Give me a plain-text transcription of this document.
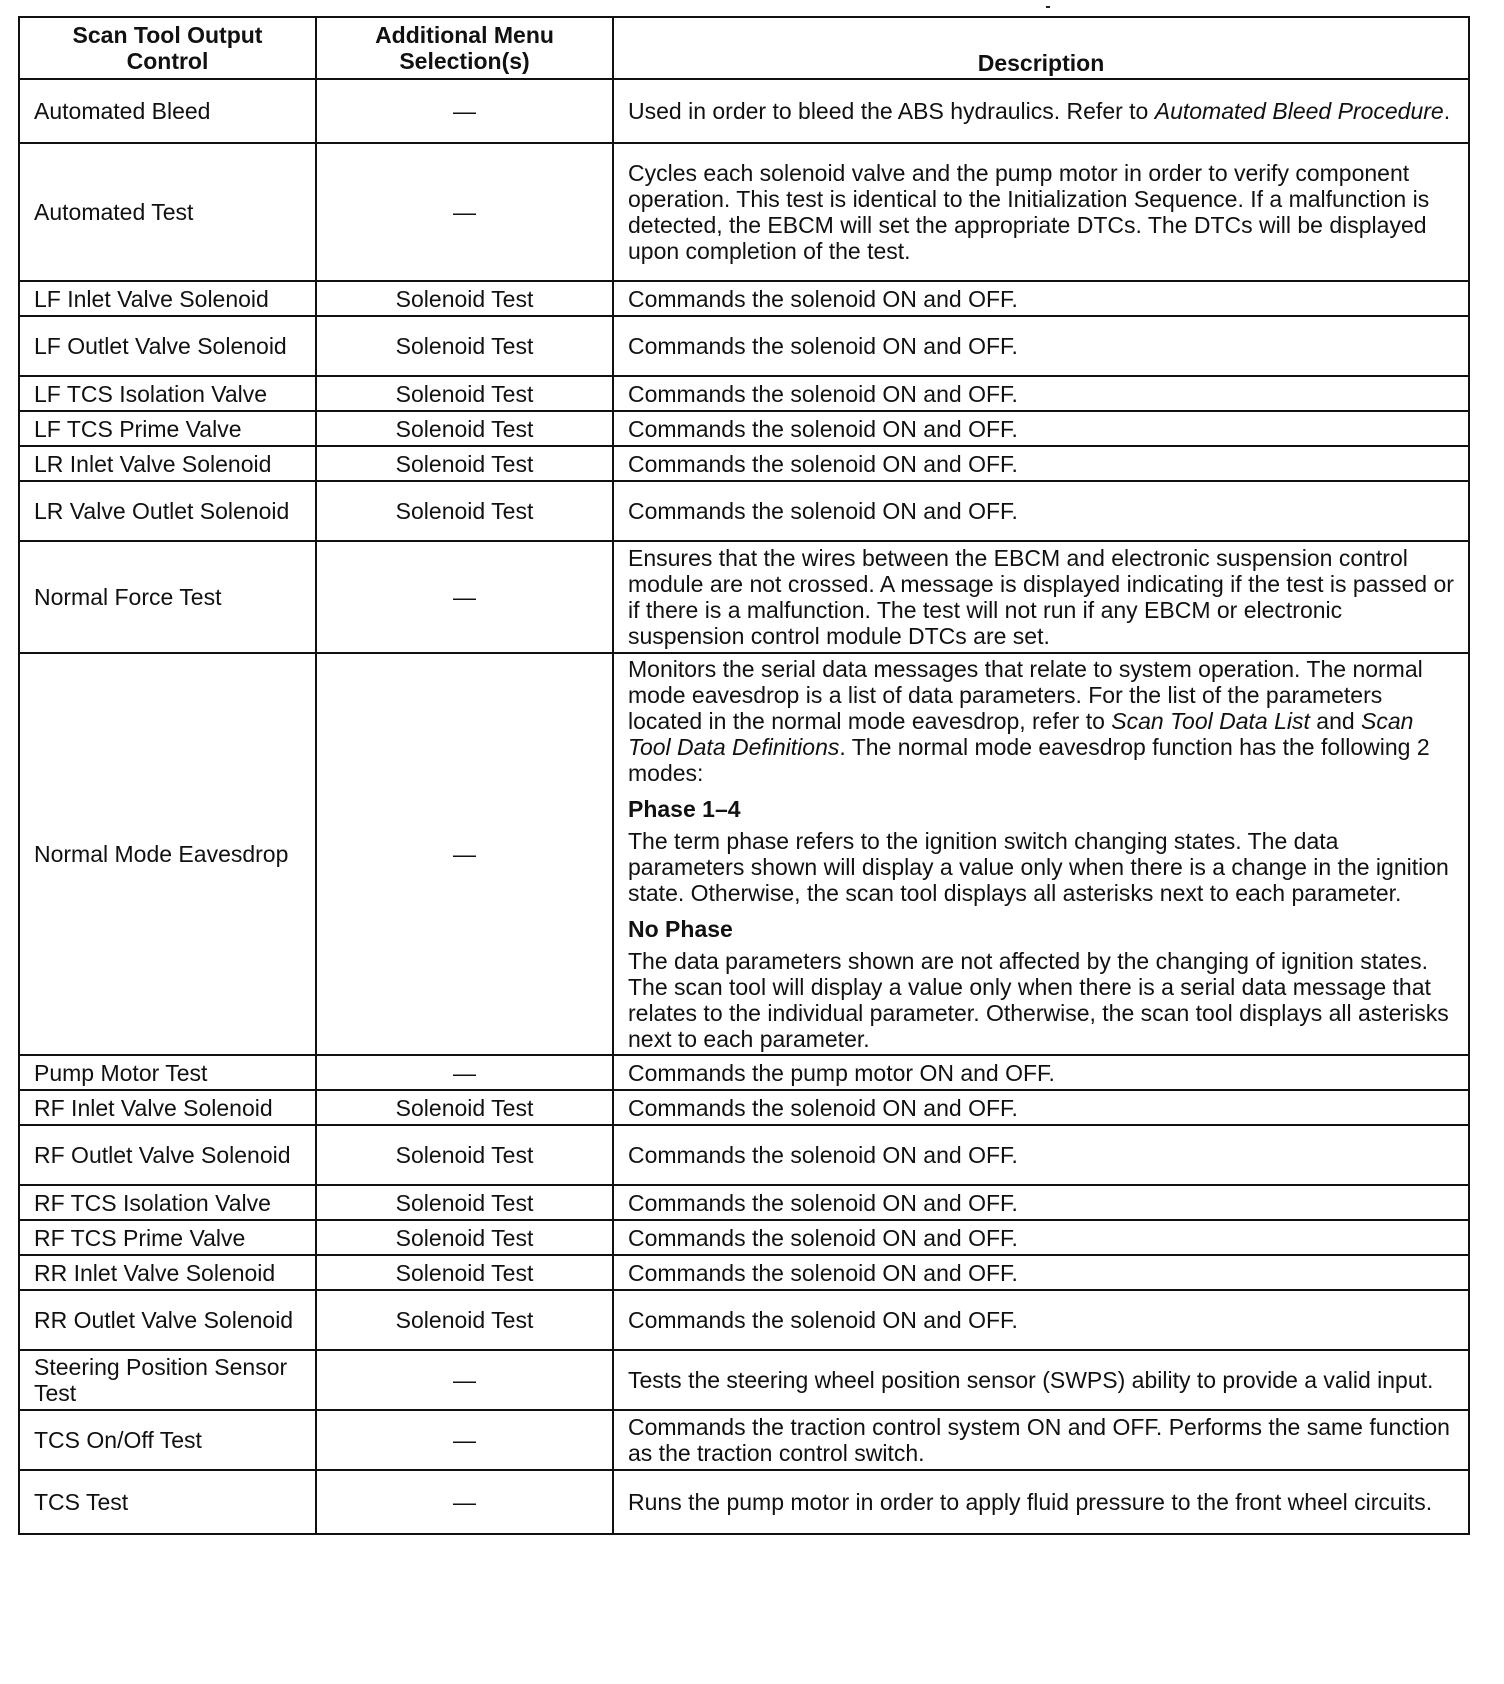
Scan Tool Output Control	Additional Menu Selection(s)	Description
Automated Bleed	—	Used in order to bleed the ABS hydraulics. Refer to Automated Bleed Procedure.
Automated Test	—	Cycles each solenoid valve and the pump motor in order to verify component operation. This test is identical to the Initialization Sequence. If a malfunction is detected, the EBCM will set the appropriate DTCs. The DTCs will be displayed upon completion of the test.
LF Inlet Valve Solenoid	Solenoid Test	Commands the solenoid ON and OFF.
LF Outlet Valve Solenoid	Solenoid Test	Commands the solenoid ON and OFF.
LF TCS Isolation Valve	Solenoid Test	Commands the solenoid ON and OFF.
LF TCS Prime Valve	Solenoid Test	Commands the solenoid ON and OFF.
LR Inlet Valve Solenoid	Solenoid Test	Commands the solenoid ON and OFF.
LR Valve Outlet Solenoid	Solenoid Test	Commands the solenoid ON and OFF.
Normal Force Test	—	Ensures that the wires between the EBCM and electronic suspension control module are not crossed. A message is displayed indicating if the test is passed or if there is a malfunction. The test will not run if any EBCM or electronic suspension control module DTCs are set.
Normal Mode Eavesdrop	—	Monitors the serial data messages that relate to system operation. The normal mode eavesdrop is a list of data parameters. For the list of the parameters located in the normal mode eavesdrop, refer to Scan Tool Data List and Scan Tool Data Definitions. The normal mode eavesdrop function has the following 2 modes:

Phase 1–4

The term phase refers to the ignition switch changing states. The data parameters shown will display a value only when there is a change in the ignition state. Otherwise, the scan tool displays all asterisks next to each parameter.

No Phase

The data parameters shown are not affected by the changing of ignition states. The scan tool will display a value only when there is a serial data message that relates to the individual parameter. Otherwise, the scan tool displays all asterisks next to each parameter.

Pump Motor Test	—	Commands the pump motor ON and OFF.
RF Inlet Valve Solenoid	Solenoid Test	Commands the solenoid ON and OFF.
RF Outlet Valve Solenoid	Solenoid Test	Commands the solenoid ON and OFF.
RF TCS Isolation Valve	Solenoid Test	Commands the solenoid ON and OFF.
RF TCS Prime Valve	Solenoid Test	Commands the solenoid ON and OFF.
RR Inlet Valve Solenoid	Solenoid Test	Commands the solenoid ON and OFF.
RR Outlet Valve Solenoid	Solenoid Test	Commands the solenoid ON and OFF.
Steering Position Sensor Test	—	Tests the steering wheel position sensor (SWPS) ability to provide a valid input.
TCS On/Off Test	—	Commands the traction control system ON and OFF. Performs the same function as the traction control switch.
TCS Test	—	Runs the pump motor in order to apply fluid pressure to the front wheel circuits.
